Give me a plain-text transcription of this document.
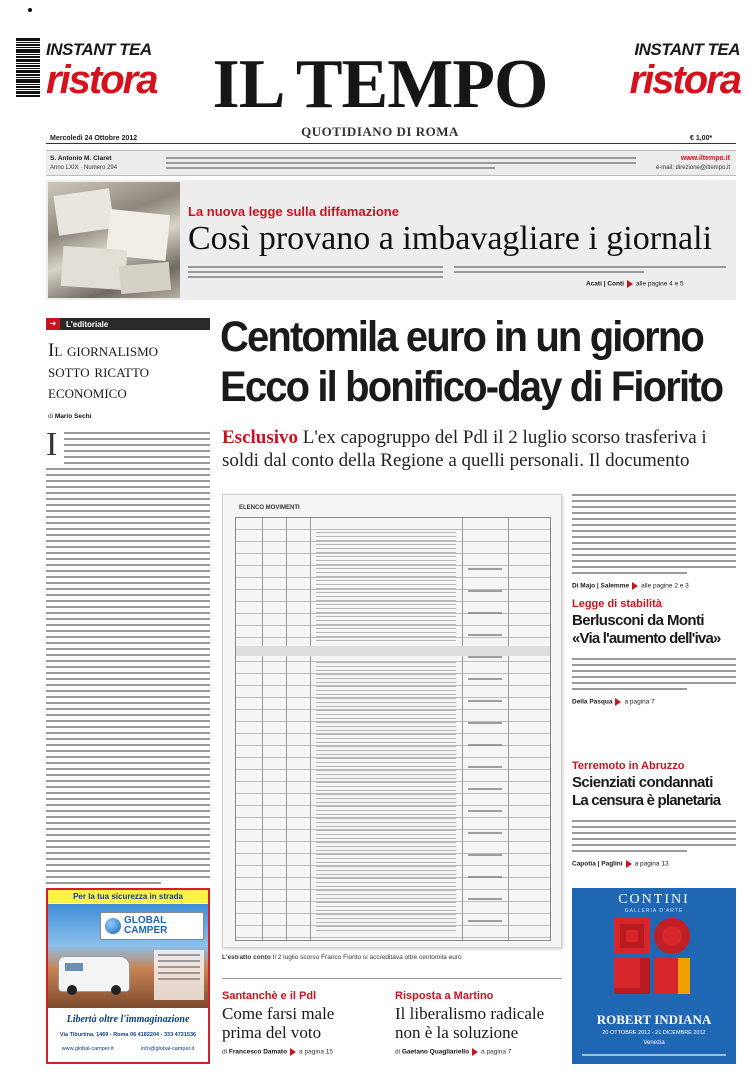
INSTANT TEA
ristora IL TEMPO
QUOTIDIANO DI ROMA
INSTANT TEA
ristora
Mercoledì 24 Ottobre 2012	€ 1,00*
S. Antonio M. Claret
Anno LXIX · Numero 294
www.iltempo.it
e-mail: direzione@iltempo.it
La nuova legge sulla diffamazione
Così provano a imbavagliare i giornali
Acati | Conti alle pagine 4 e 5
➜	L'editoriale
Il giornalismo sotto ricatto economico
di Mario Sechi
I
Centomila euro in un giorno
Ecco il bonifico-day di Fiorito
Esclusivo L'ex capogruppo del Pdl il 2 luglio scorso trasferiva i soldi dal conto della Regione a quelli personali. Il documento
ELENCO MOVIMENTI
L'estratto conto Il 2 luglio scorso Franco Fiorito si accreditava oltre centomila euro
Di Majo | Salemme alle pagine 2 e 3
Legge di stabilità
Berlusconi da Monti
«Via l'aumento dell'iva»
Della Pasqua a pagina 7
Terremoto in Abruzzo
Scienziati condannati
La censura è planetaria
Capotia | Paglini a pagina 13
Per la tua sicurezza in strada
GLOBAL CAMPER
Libertà oltre l'immaginazione
Via Tiburtina, 1469 - Roma 06 4182204 - 333 4721536
www.global-camper.it	info@global-camper.it
Santanchè e il Pdl
Come farsi male prima del voto
di Francesco Damato a pagina 15
Risposta a Martino
Il liberalismo radicale non è la soluzione
di Gaetano Quagliariello a pagina 7
CONTINI
GALLERIA D'ARTE
ROBERT INDIANA
20 OTTOBRE 2012 - 21 DICEMBRE 2012
Venezia
